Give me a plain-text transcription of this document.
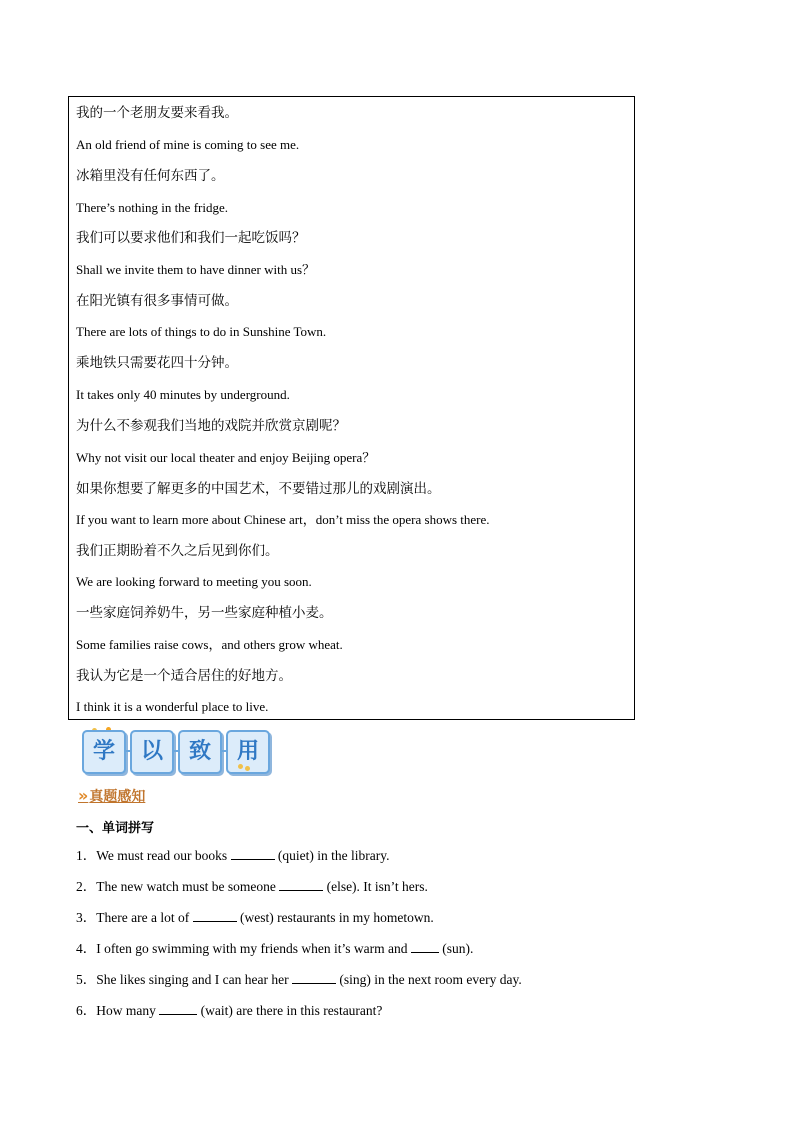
我的一个老朋友要来看我。
An old friend of mine is coming to see me.
冰箱里没有任何东西了。
There’s nothing in the fridge.
我们可以要求他们和我们一起吃饭吗？
Shall we invite them to have dinner with us？
在阳光镇有很多事情可做。
There are lots of things to do in Sunshine Town.
乘地铁只需要花四十分钟。
It takes only 40 minutes by underground.
为什么不参观我们当地的戏院并欣赏京剧呢？
Why not visit our local theater and enjoy Beijing opera？
如果你想要了解更多的中国艺术，不要错过那儿的戏剧演出。
If you want to learn more about Chinese art，don’t miss the opera shows there.
我们正期盼着不久之后见到你们。
We are looking forward to meeting you soon.
一些家庭饲养奶牛，另一些家庭种植小麦。
Some families raise cows，and others grow wheat.
我认为它是一个适合居住的好地方。
I think it is a wonderful place to live.
学	以	致	用
»真题感知
一、单词拼写
1．We must read our books	(quiet) in the library.
2．The new watch must be someone	(else). It isn’t hers.
3．There are a lot of	(west) restaurants in my hometown.
4．I often go swimming with my friends when it’s warm and  (sun).
5．She likes singing and I can hear her	(sing) in the next room every day.
6．How many	(wait) are there in this restaurant?
